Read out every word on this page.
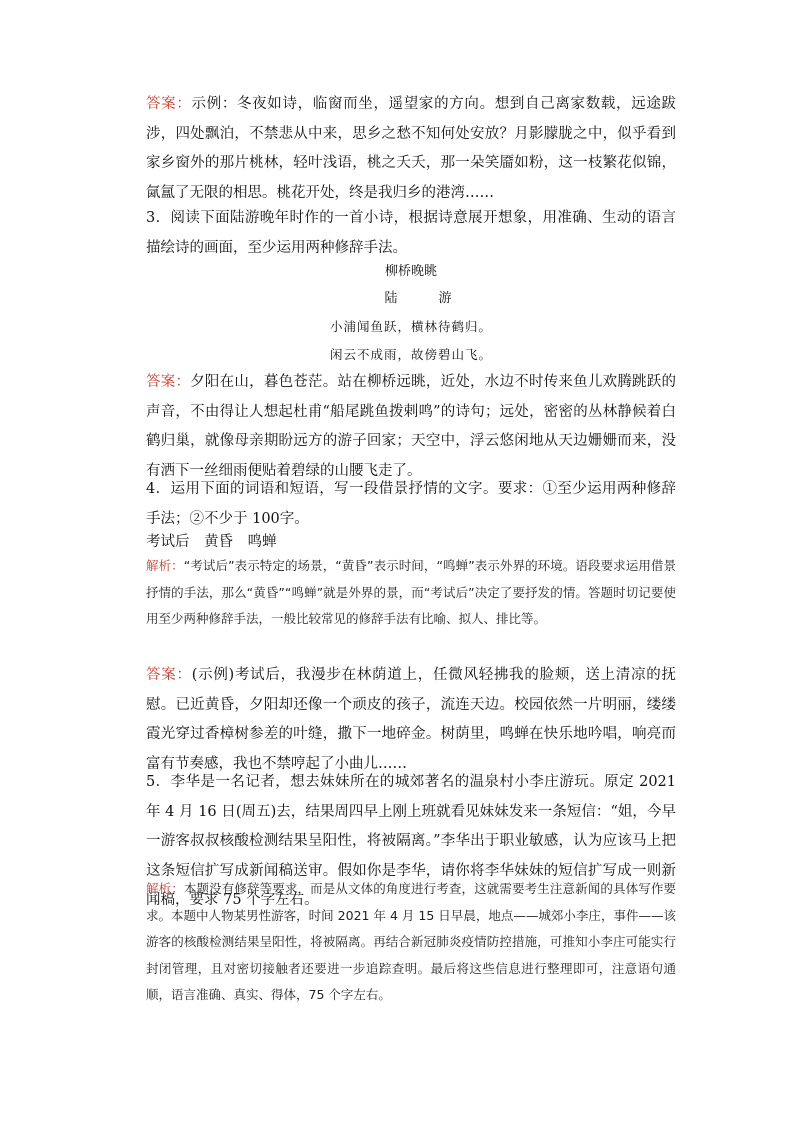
答案：示例：冬夜如诗，临窗而坐，遥望家的方向。想到自己离家数载，远途跋涉，四处飘泊，不禁悲从中来，思乡之愁不知何处安放？月影朦胧之中，似乎看到家乡窗外的那片桃林，轻叶浅语，桃之夭夭，那一朵笑靥如粉，这一枝繁花似锦，氤氲了无限的相思。桃花开处，终是我归乡的港湾……
3．阅读下面陆游晚年时作的一首小诗，根据诗意展开想象，用准确、生动的语言描绘诗的画面，至少运用两种修辞手法。
柳桥晚眺
陆　游
小浦闻鱼跃，横林待鹤归。
闲云不成雨，故傍碧山飞。
答案：夕阳在山，暮色苍茫。站在柳桥远眺，近处，水边不时传来鱼儿欢腾跳跃的声音，不由得让人想起杜甫“船尾跳鱼拨剌鸣”的诗句；远处，密密的丛林静候着白鹤归巢，就像母亲期盼远方的游子回家；天空中，浮云悠闲地从天边姗姗而来，没有洒下一丝细雨便贴着碧绿的山腰飞走了。
4．运用下面的词语和短语，写一段借景抒情的文字。要求：①至少运用两种修辞手法；②不少于 100字。
考试后　黄昏　鸣蝉
解析：“考试后”表示特定的场景，“黄昏”表示时间，“鸣蝉”表示外界的环境。语段要求运用借景抒情的手法，那么“黄昏”“鸣蝉”就是外界的景，而“考试后”决定了要抒发的情。答题时切记要使用至少两种修辞手法，一般比较常见的修辞手法有比喻、拟人、排比等。
答案：(示例)考试后，我漫步在林荫道上，任微风轻拂我的脸颊，送上清凉的抚慰。已近黄昏，夕阳却还像一个顽皮的孩子，流连天边。校园依然一片明丽，缕缕霞光穿过香樟树参差的叶缝，撒下一地碎金。树荫里，鸣蝉在快乐地吟唱，响亮而富有节奏感，我也不禁哼起了小曲儿……
5．李华是一名记者，想去妹妹所在的城郊著名的温泉村小李庄游玩。原定 2021 年 4 月 16 日(周五)去，结果周四早上刚上班就看见妹妹发来一条短信：“姐，今早一游客叔叔核酸检测结果呈阳性，将被隔离。”李华出于职业敏感，认为应该马上把这条短信扩写成新闻稿送审。假如你是李华，请你将李华妹妹的短信扩写成一则新闻稿，要求 75 个字左右。
解析：本题没有修辞等要求，而是从文体的角度进行考查，这就需要考生注意新闻的具体写作要求。本题中人物某男性游客，时间 2021 年 4 月 15 日早晨，地点——城郊小李庄，事件——该游客的核酸检测结果呈阳性，将被隔离。再结合新冠肺炎疫情防控措施，可推知小李庄可能实行封闭管理，且对密切接触者还要进一步追踪查明。最后将这些信息进行整理即可，注意语句通顺，语言准确、真实、得体，75 个字左右。
